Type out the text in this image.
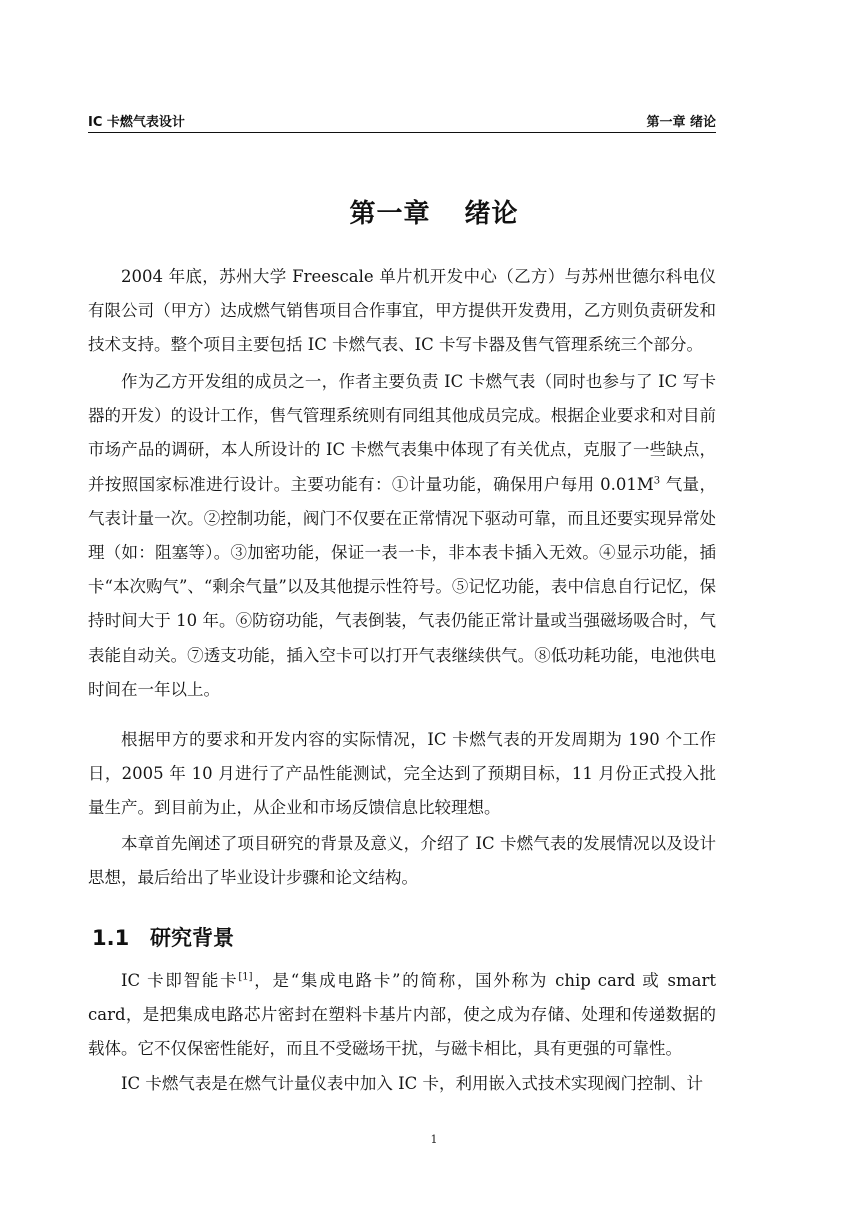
IC 卡燃气表设计	第一章 绪论
第一章 绪论

2004 年底，苏州大学 Freescale 单片机开发中心（乙方）与苏州世德尔科电仪有限公司（甲方）达成燃气销售项目合作事宜，甲方提供开发费用，乙方则负责研发和技术支持。整个项目主要包括 IC 卡燃气表、IC 卡写卡器及售气管理系统三个部分。

作为乙方开发组的成员之一，作者主要负责 IC 卡燃气表（同时也参与了 IC 写卡器的开发）的设计工作，售气管理系统则有同组其他成员完成。根据企业要求和对目前市场产品的调研，本人所设计的 IC 卡燃气表集中体现了有关优点，克服了一些缺点，并按照国家标准进行设计。主要功能有：①计量功能，确保用户每用 $0.01M^3$ 气量，气表计量一次。②控制功能，阀门不仅要在正常情况下驱动可靠，而且还要实现异常处理（如：阻塞等）。③加密功能，保证一表一卡，非本表卡插入无效。④显示功能，插卡“本次购气”、“剩余气量”以及其他提示性符号。⑤记忆功能，表中信息自行记忆，保持时间大于 10 年。⑥防窃功能，气表倒装，气表仍能正常计量或当强磁场吸合时，气表能自动关。⑦透支功能，插入空卡可以打开气表继续供气。⑧低功耗功能，电池供电时间在一年以上。

根据甲方的要求和开发内容的实际情况，IC 卡燃气表的开发周期为 190 个工作日，2005 年 10 月进行了产品性能测试，完全达到了预期目标，11 月份正式投入批量生产。到目前为止，从企业和市场反馈信息比较理想。

本章首先阐述了项目研究的背景及意义，介绍了 IC 卡燃气表的发展情况以及设计思想，最后给出了毕业设计步骤和论文结构。

1.1 研究背景

IC 卡即智能卡[1]，是“集成电路卡”的简称，国外称为 chip card 或 smart card，是把集成电路芯片密封在塑料卡基片内部，使之成为存储、处理和传递数据的载体。它不仅保密性能好，而且不受磁场干扰，与磁卡相比，具有更强的可靠性。

IC 卡燃气表是在燃气计量仪表中加入 IC 卡，利用嵌入式技术实现阀门控制、计

1
